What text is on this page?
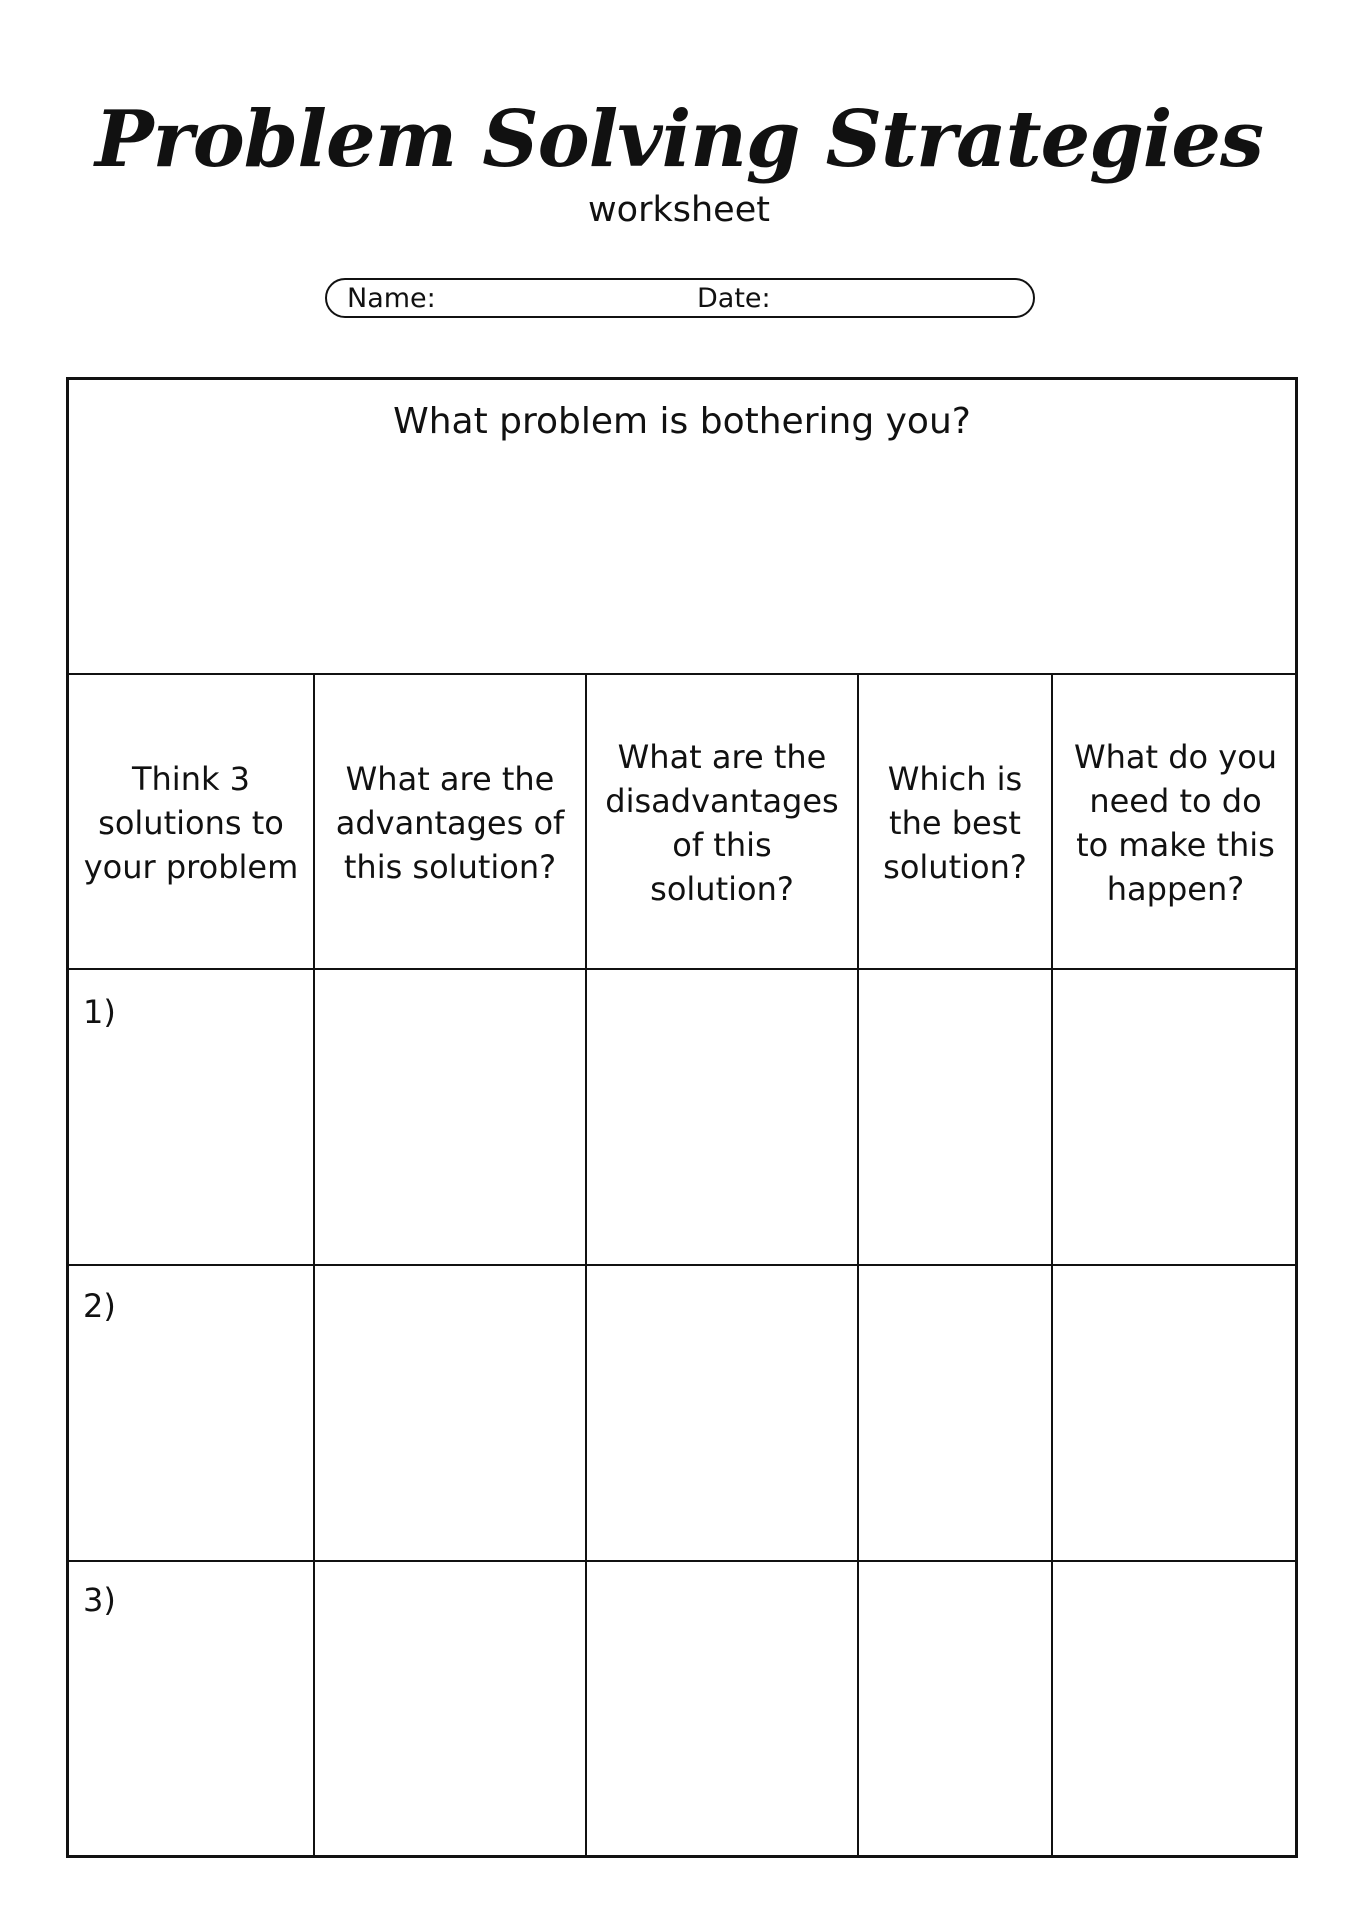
Problem Solving Strategies
worksheet
Name:	Date:
What problem is bothering you?
Think 3
solutions to
your problem
What are the
advantages of
this solution?
What are the
disadvantages
of this
solution?
Which is
the best
solution?
What do you
need to do
to make this
happen?
1)
2)
3)
